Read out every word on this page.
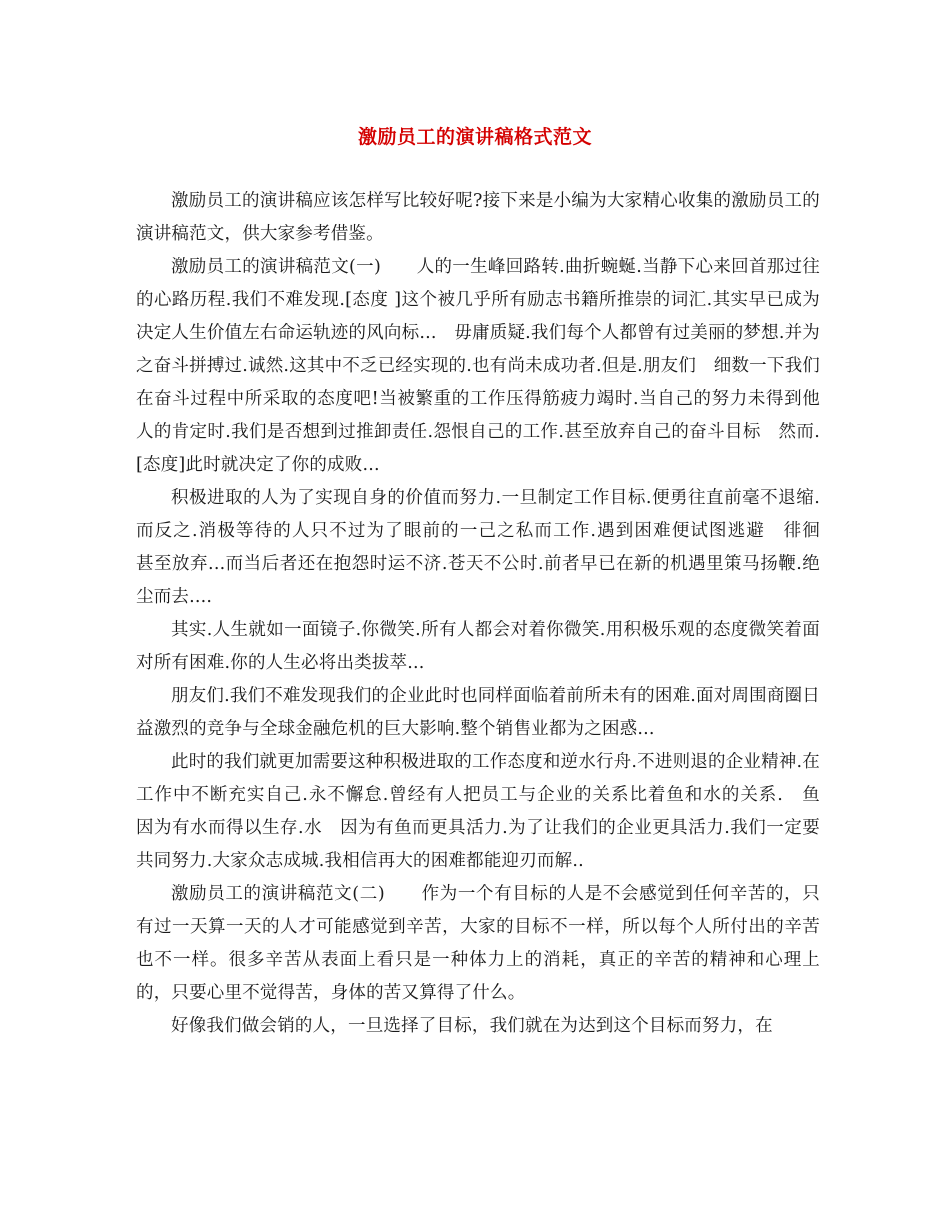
激励员工的演讲稿格式范文

激励员工的演讲稿应该怎样写比较好呢?接下来是小编为大家精心收集的激励员工的演讲稿范文，供大家参考借鉴。

激励员工的演讲稿范文(一)　　人的一生峰回路转.曲折蜿蜒.当静下心来回首那过往的心路历程.我们不难发现.[态度 ]这个被几乎所有励志书籍所推崇的词汇.其实早已成为决定人生价值左右命运轨迹的风向标...　毋庸质疑.我们每个人都曾有过美丽的梦想.并为之奋斗拼搏过.诚然.这其中不乏已经实现的.也有尚未成功者.但是.朋友们　细数一下我们在奋斗过程中所采取的态度吧!当被繁重的工作压得筋疲力竭时.当自己的努力未得到他人的肯定时.我们是否想到过推卸责任.怨恨自己的工作.甚至放弃自己的奋斗目标　然而.[态度]此时就决定了你的成败...

积极进取的人为了实现自身的价值而努力.一旦制定工作目标.便勇往直前毫不退缩.而反之.消极等待的人只不过为了眼前的一己之私而工作.遇到困难便试图逃避　徘徊　甚至放弃...而当后者还在抱怨时运不济.苍天不公时.前者早已在新的机遇里策马扬鞭.绝尘而去....

其实.人生就如一面镜子.你微笑.所有人都会对着你微笑.用积极乐观的态度微笑着面对所有困难.你的人生必将出类拔萃...

朋友们.我们不难发现我们的企业此时也同样面临着前所未有的困难.面对周围商圈日益激烈的竞争与全球金融危机的巨大影响.整个销售业都为之困惑...

此时的我们就更加需要这种积极进取的工作态度和逆水行舟.不进则退的企业精神.在工作中不断充实自己.永不懈怠.曾经有人把员工与企业的关系比着鱼和水的关系.　鱼　因为有水而得以生存.水　因为有鱼而更具活力.为了让我们的企业更具活力.我们一定要共同努力.大家众志成城.我相信再大的困难都能迎刃而解..

激励员工的演讲稿范文(二)　　作为一个有目标的人是不会感觉到任何辛苦的，只有过一天算一天的人才可能感觉到辛苦，大家的目标不一样，所以每个人所付出的辛苦也不一样。很多辛苦从表面上看只是一种体力上的消耗，真正的辛苦的精神和心理上的，只要心里不觉得苦，身体的苦又算得了什么。

好像我们做会销的人，一旦选择了目标，我们就在为达到这个目标而努力，在
